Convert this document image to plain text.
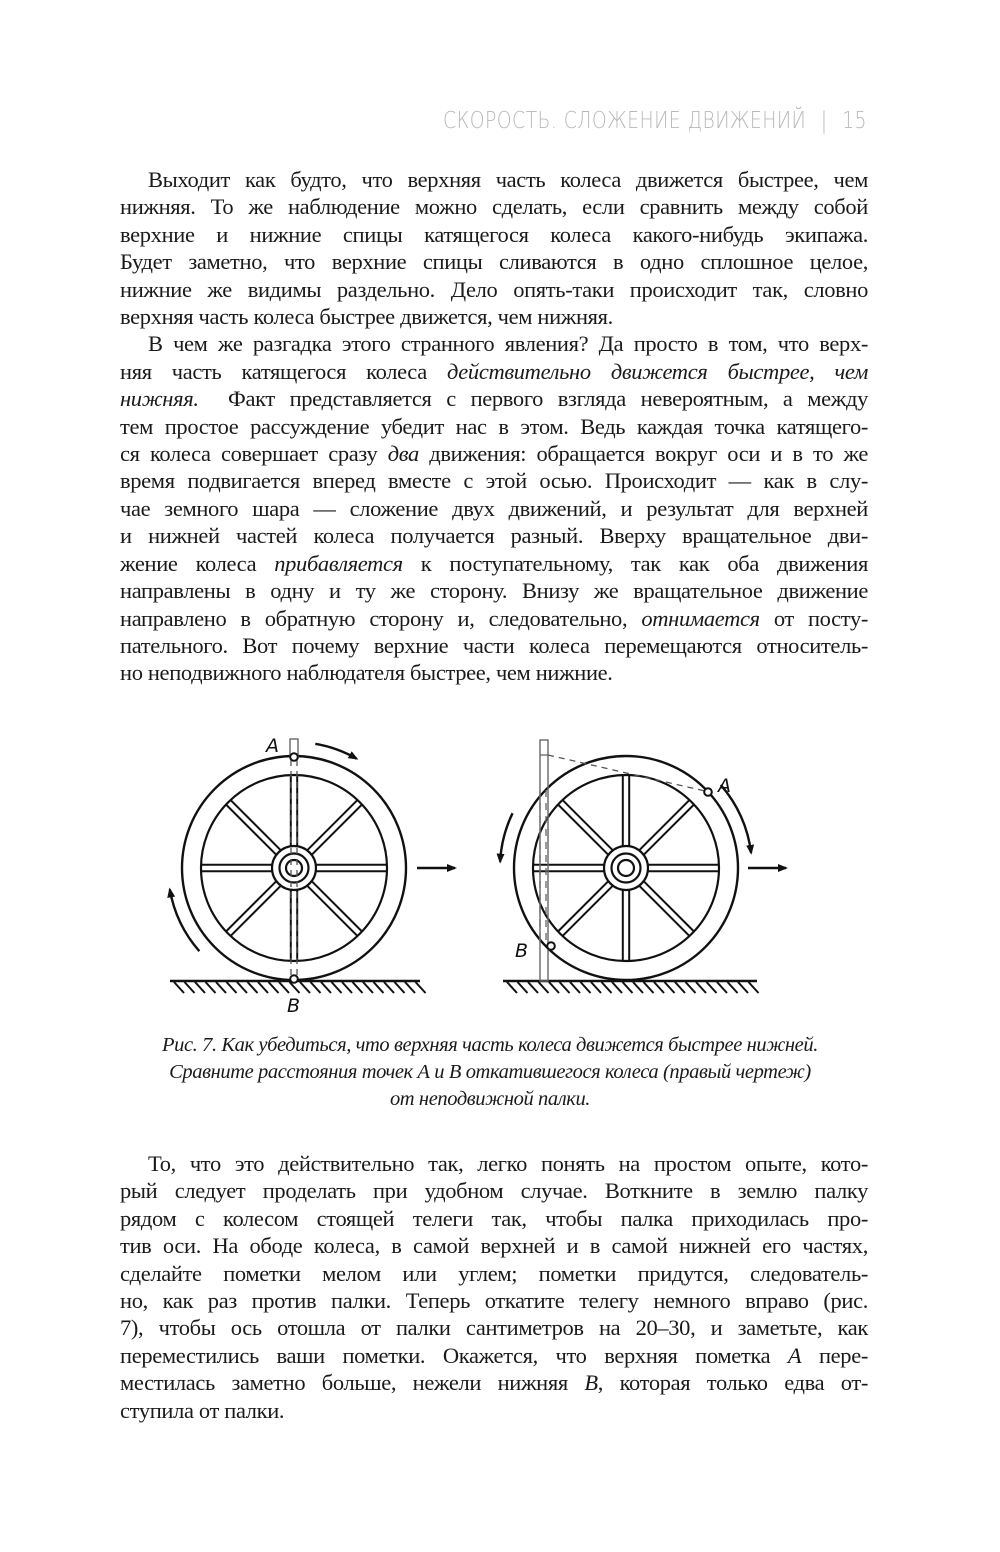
СКОРОСТЬ. СЛОЖЕНИЕ ДВИЖЕНИЙ | 15

Выходит как будто, что верхняя часть колеса движется быстрее, чем
нижняя. То же наблюдение можно сделать, если сравнить между собой
верхние и нижние спицы катящегося колеса какого-нибудь экипажа.
Будет заметно, что верхние спицы сливаются в одно сплошное целое,
нижние же видимы раздельно. Дело опять-таки происходит так, словно
верхняя часть колеса быстрее движется, чем нижняя.

В чем же разгадка этого странного явления? Да просто в том, что верх-
няя часть катящегося колеса действительно движется быстрее, чем
нижняя.  Факт представляется с первого взгляда невероятным, а между
тем простое рассуждение убедит нас в этом. Ведь каждая точка катящего-
ся колеса совершает сразу два движения: обращается вокруг оси и в то же
время подвигается вперед вместе с этой осью. Происходит — как в слу-
чае земного шара — сложение двух движений, и результат для верхней
и нижней частей колеса получается разный. Вверху вращательное дви-
жение колеса прибавляется к поступательному, так как оба движения
направлены в одну и ту же сторону. Внизу же вращательное движение
направлено в обратную сторону и, следовательно, отнимается от посту-
пательного. Вот почему верхние части колеса перемещаются относитель-
но неподвижного наблюдателя быстрее, чем нижние.

A
B
A
B
Рис. 7. Как убедиться, что верхняя часть колеса движется быстрее нижней.
Сравните расстояния точек А и В откатившегося колеса (правый чертеж)
от неподвижной палки.

То, что это действительно так, легко понять на простом опыте, кото-
рый следует проделать при удобном случае. Воткните в землю палку
рядом с колесом стоящей телеги так, чтобы палка приходилась про-
тив оси. На ободе колеса, в самой верхней и в самой нижней его частях,
сделайте пометки мелом или углем; пометки придутся, следователь-
но, как раз против палки. Теперь откатите телегу немного вправо (рис.
7), чтобы ось отошла от палки сантиметров на 20–30, и заметьте, как
переместились ваши пометки. Окажется, что верхняя пометка А пере-
местилась заметно больше, нежели нижняя В, которая только едва от-
ступила от палки.
